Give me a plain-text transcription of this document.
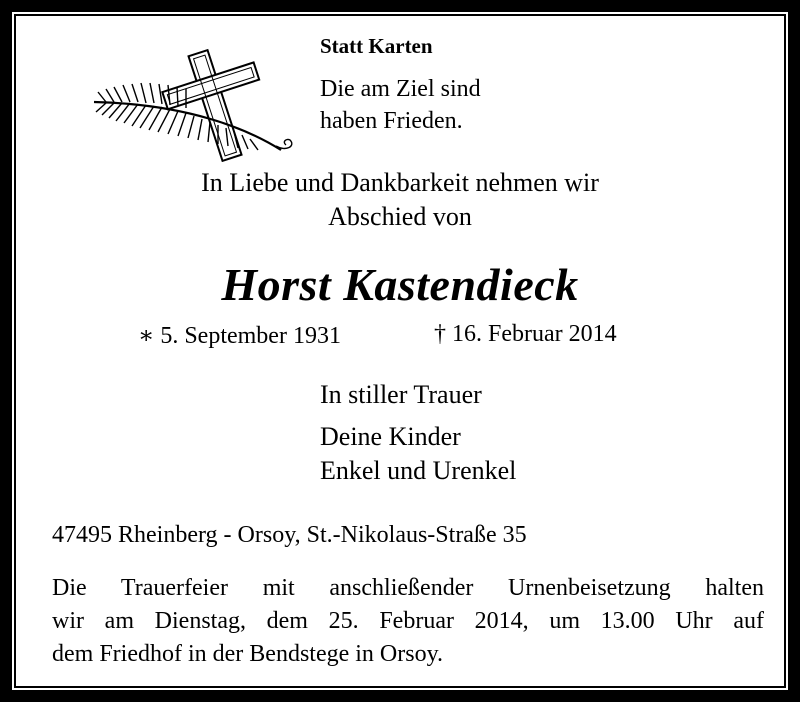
Statt Karten
Die am Ziel sind
haben Frieden.
In Liebe und Dankbarkeit nehmen wir
Abschied von
Horst Kastendieck
∗ 5. September 1931	† 16. Februar 2014
In stiller Trauer
Deine Kinder
Enkel und Urenkel
47495 Rheinberg - Orsoy, St.-Nikolaus-Straße 35
Die Trauerfeier mit anschließender Urnenbeisetzung halten
wir am Dienstag, dem 25. Februar 2014, um 13.00 Uhr auf
dem Friedhof in der Bendstege in Orsoy.
